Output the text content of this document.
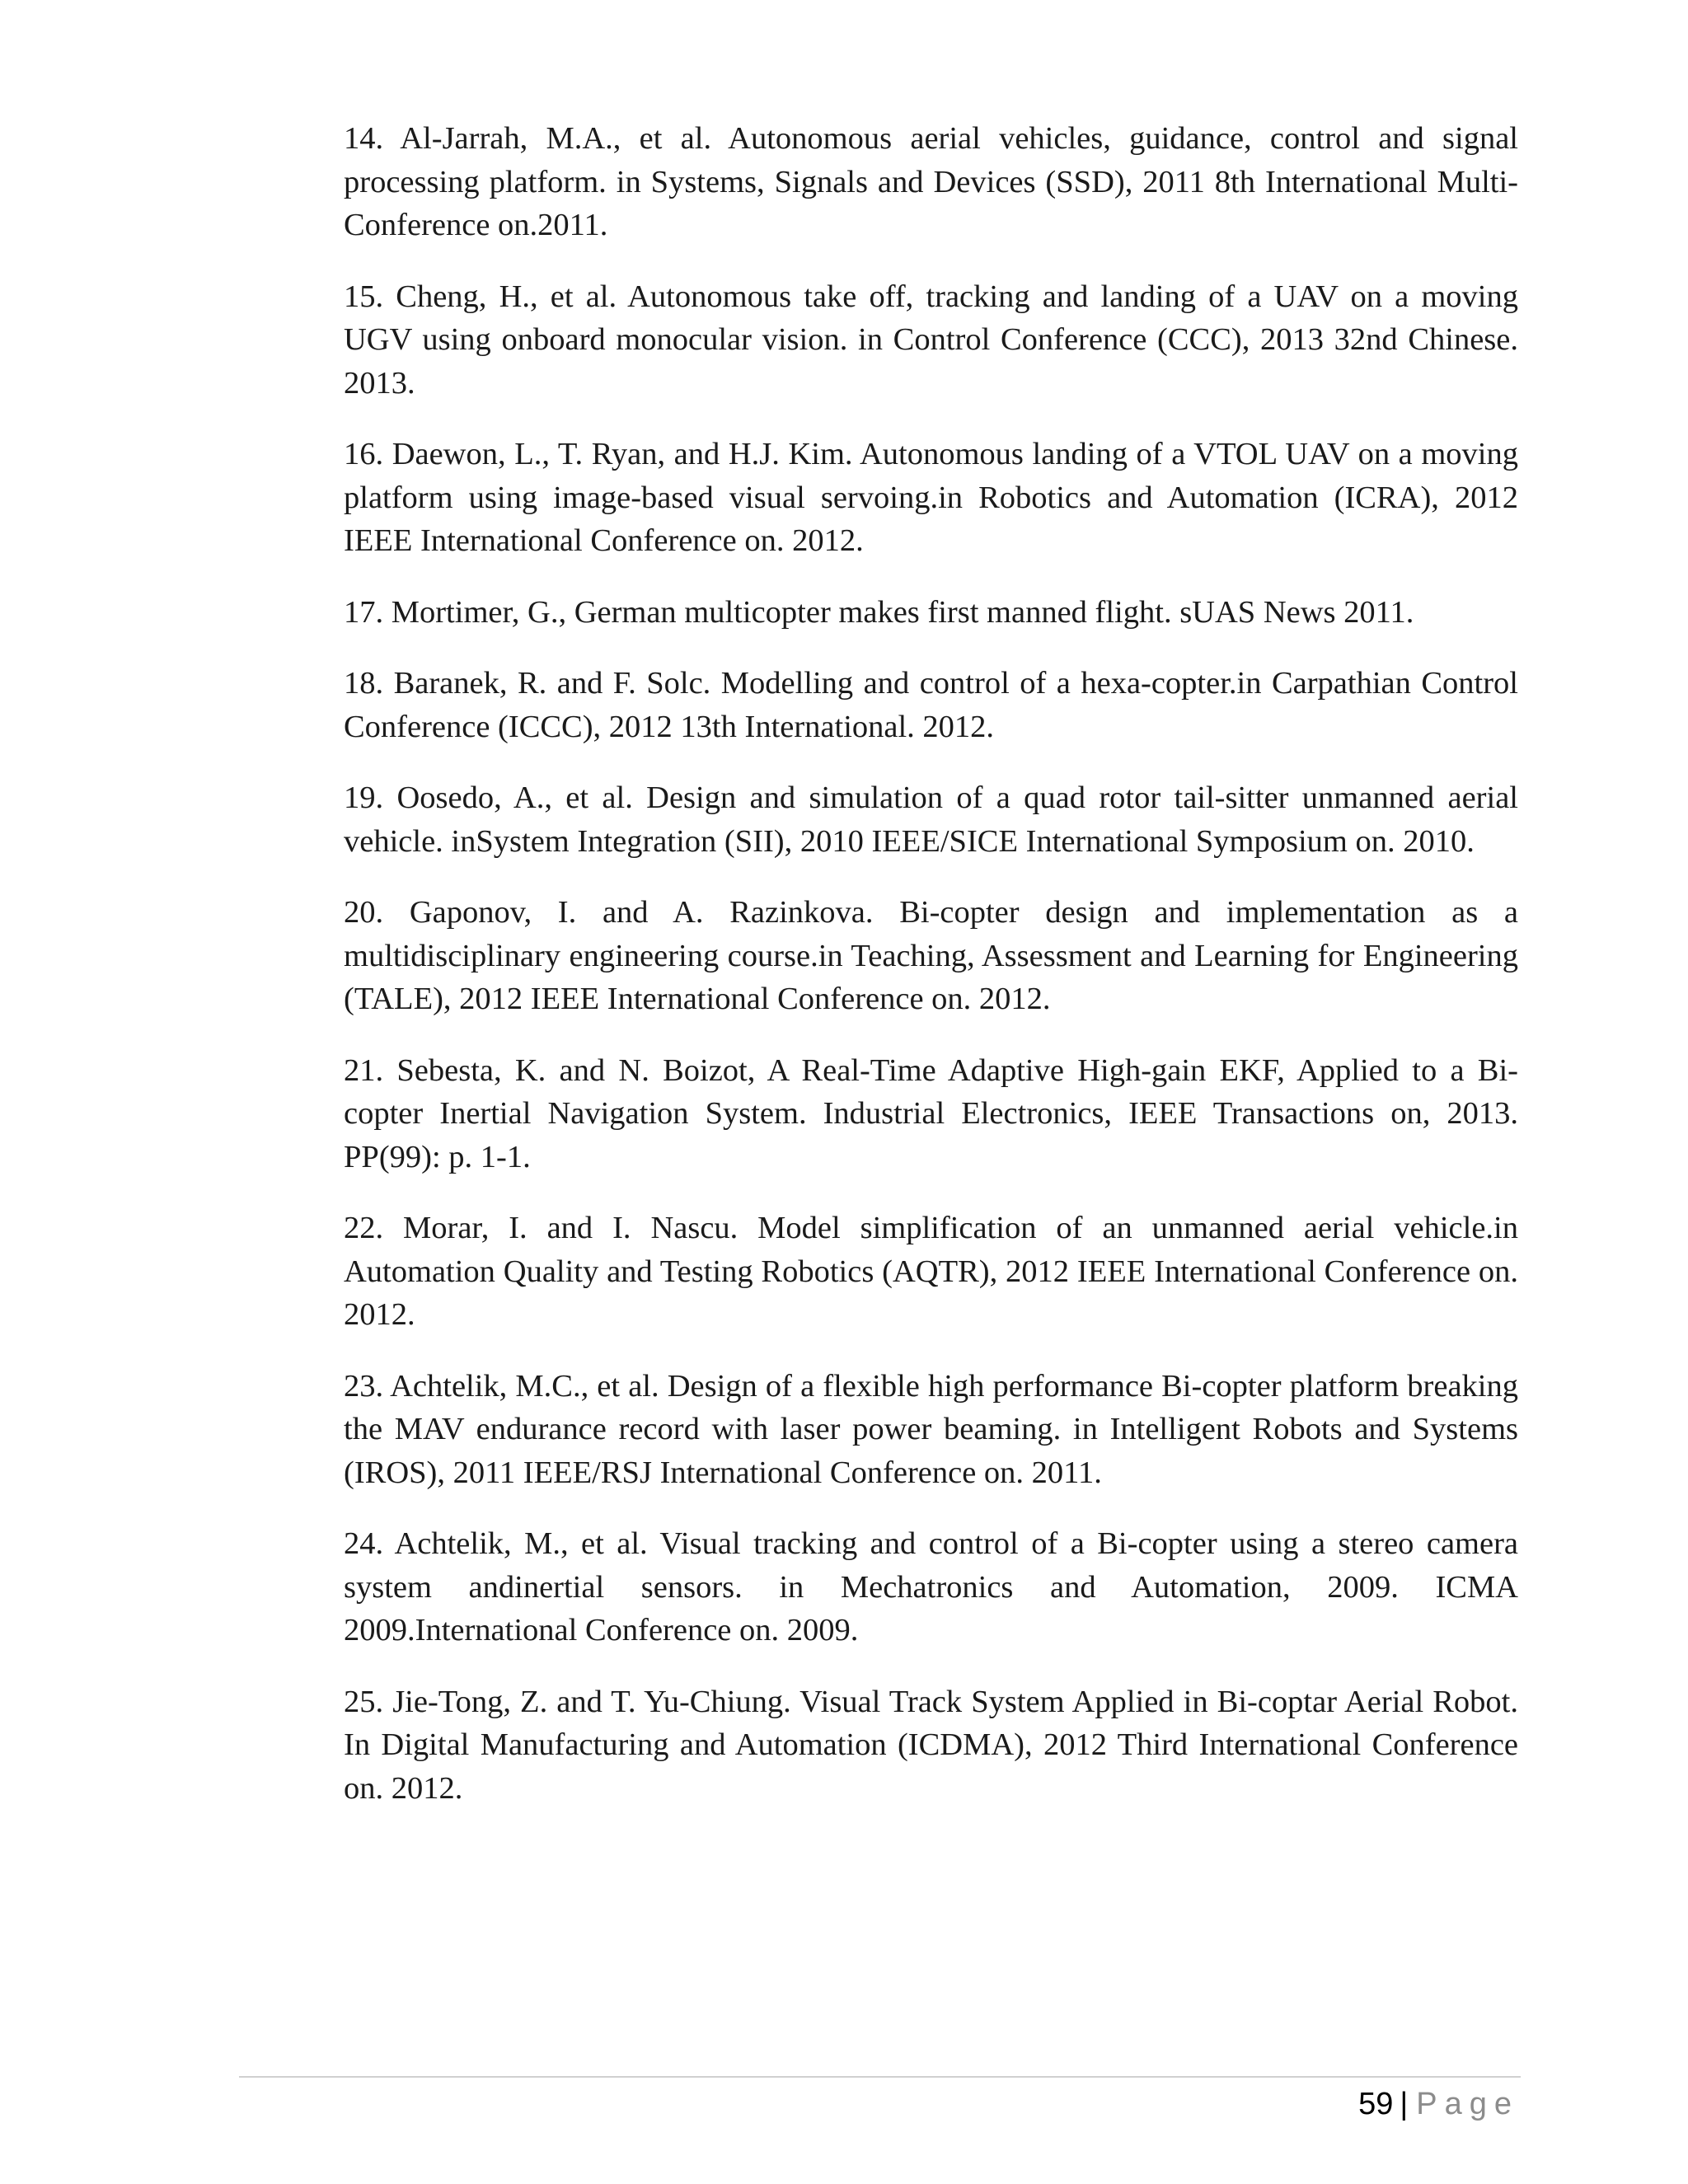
14. Al-Jarrah, M.A., et al. Autonomous aerial vehicles, guidance, control and signal processing platform. in Systems, Signals and Devices (SSD), 2011 8th International Multi-Conference on.2011.

15. Cheng, H., et al. Autonomous take off, tracking and landing of a UAV on a moving UGV using onboard monocular vision. in Control Conference (CCC), 2013 32nd Chinese. 2013.

16. Daewon, L., T. Ryan, and H.J. Kim. Autonomous landing of a VTOL UAV on a moving platform using image-based visual servoing.in Robotics and Automation (ICRA), 2012 IEEE International Conference on. 2012.

17. Mortimer, G., German multicopter makes first manned flight. sUAS News 2011.

18. Baranek, R. and F. Solc. Modelling and control of a hexa-copter.in Carpathian Control Conference (ICCC), 2012 13th International. 2012.

19. Oosedo, A., et al. Design and simulation of a quad rotor tail-sitter unmanned aerial vehicle. inSystem Integration (SII), 2010 IEEE/SICE International Symposium on. 2010.

20. Gaponov, I. and A. Razinkova. Bi-copter design and implementation as a multidisciplinary engineering course.in Teaching, Assessment and Learning for Engineering (TALE), 2012 IEEE International Conference on. 2012.

21. Sebesta, K. and N. Boizot, A Real-Time Adaptive High-gain EKF, Applied to a Bi-copter Inertial Navigation System. Industrial Electronics, IEEE Transactions on, 2013. PP(99): p. 1-1.

22. Morar, I. and I. Nascu. Model simplification of an unmanned aerial vehicle.in Automation Quality and Testing Robotics (AQTR), 2012 IEEE International Conference on. 2012.

23. Achtelik, M.C., et al. Design of a flexible high performance Bi-copter platform breaking the MAV endurance record with laser power beaming. in Intelligent Robots and Systems (IROS), 2011 IEEE/RSJ International Conference on. 2011.

24. Achtelik, M., et al. Visual tracking and control of a Bi-copter using a stereo camera system andinertial sensors. in Mechatronics and Automation, 2009. ICMA 2009.International Conference on. 2009.

25. Jie-Tong, Z. and T. Yu-Chiung. Visual Track System Applied in Bi-coptar Aerial Robot. In Digital Manufacturing and Automation (ICDMA), 2012 Third International Conference on. 2012.

59 | Page
